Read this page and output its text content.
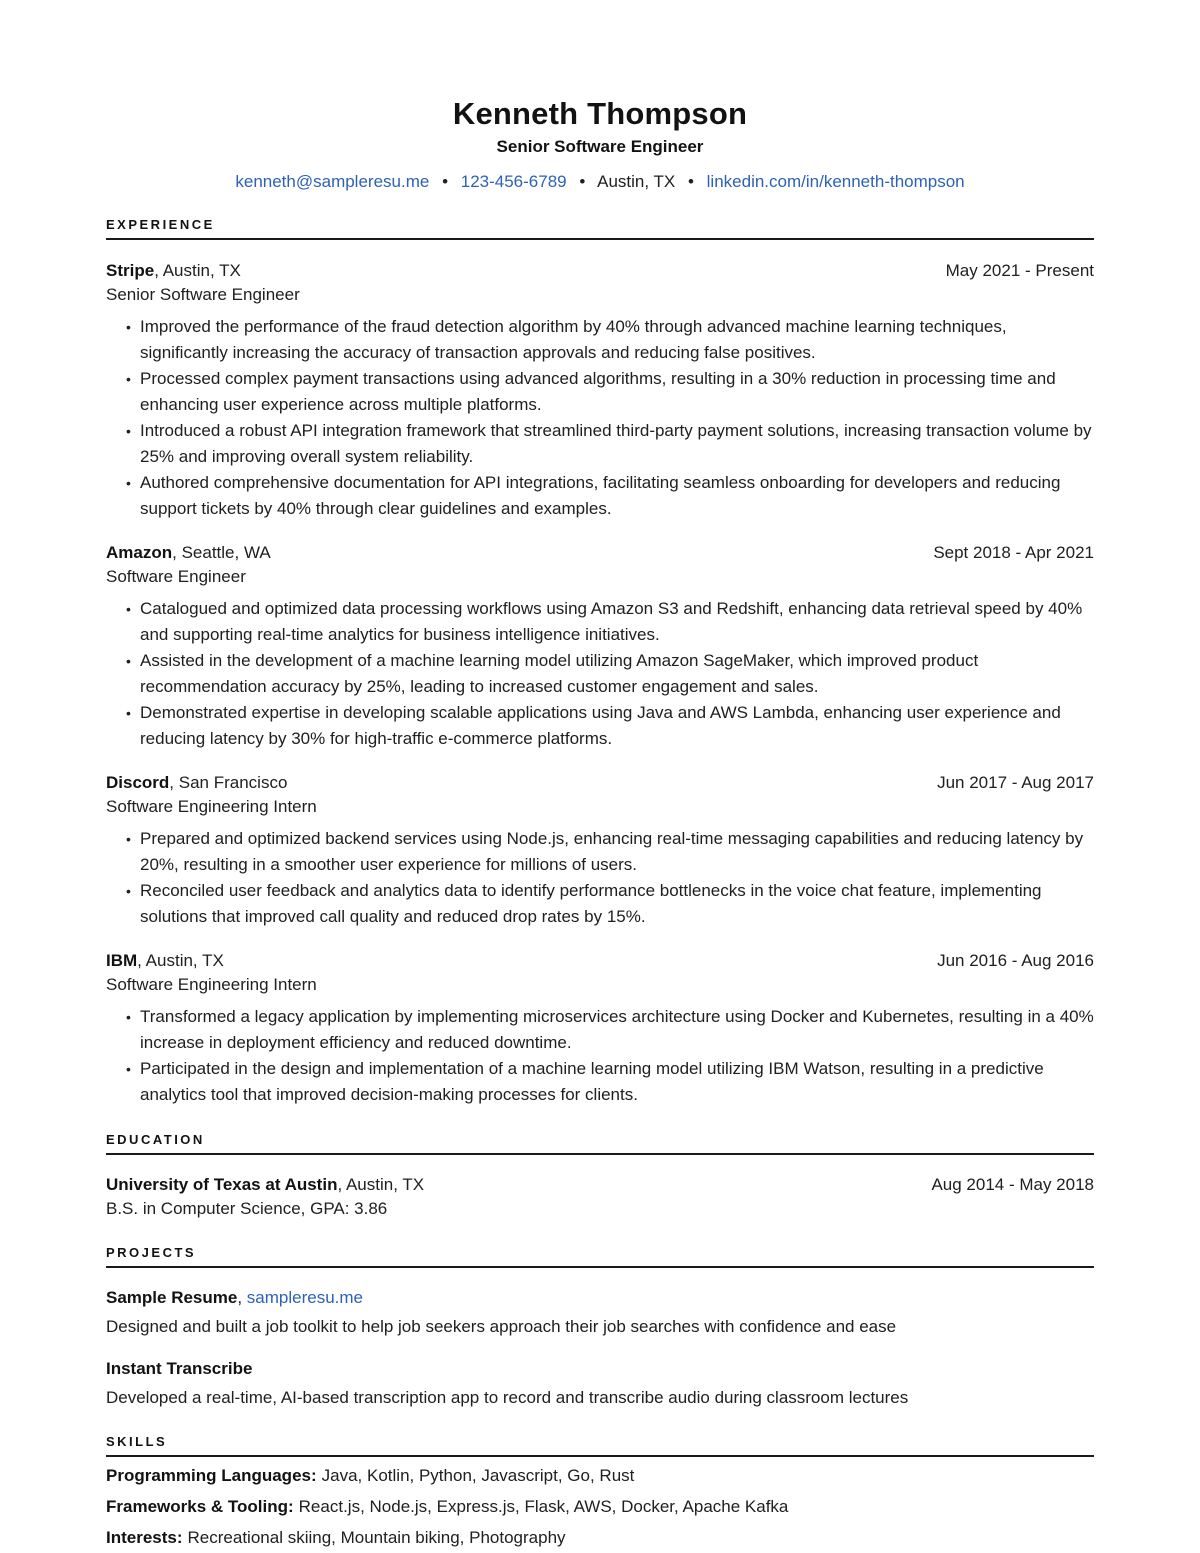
Kenneth Thompson
Senior Software Engineer
kenneth@sampleresu.me • 123-456-6789 • Austin, TX • linkedin.com/in/kenneth-thompson
EXPERIENCE
Stripe, Austin, TX	May 2021 - Present
Senior Software Engineer
• Improved the performance of the fraud detection algorithm by 40% through advanced machine learning techniques, significantly increasing the accuracy of transaction approvals and reducing false positives.
• Processed complex payment transactions using advanced algorithms, resulting in a 30% reduction in processing time and enhancing user experience across multiple platforms.
• Introduced a robust API integration framework that streamlined third-party payment solutions, increasing transaction volume by 25% and improving overall system reliability.
• Authored comprehensive documentation for API integrations, facilitating seamless onboarding for developers and reducing support tickets by 40% through clear guidelines and examples.
Amazon, Seattle, WA	Sept 2018 - Apr 2021
Software Engineer
• Catalogued and optimized data processing workflows using Amazon S3 and Redshift, enhancing data retrieval speed by 40% and supporting real-time analytics for business intelligence initiatives.
• Assisted in the development of a machine learning model utilizing Amazon SageMaker, which improved product recommendation accuracy by 25%, leading to increased customer engagement and sales.
• Demonstrated expertise in developing scalable applications using Java and AWS Lambda, enhancing user experience and reducing latency by 30% for high-traffic e-commerce platforms.
Discord, San Francisco	Jun 2017 - Aug 2017
Software Engineering Intern
• Prepared and optimized backend services using Node.js, enhancing real-time messaging capabilities and reducing latency by 20%, resulting in a smoother user experience for millions of users.
• Reconciled user feedback and analytics data to identify performance bottlenecks in the voice chat feature, implementing solutions that improved call quality and reduced drop rates by 15%.
IBM, Austin, TX	Jun 2016 - Aug 2016
Software Engineering Intern
• Transformed a legacy application by implementing microservices architecture using Docker and Kubernetes, resulting in a 40% increase in deployment efficiency and reduced downtime.
• Participated in the design and implementation of a machine learning model utilizing IBM Watson, resulting in a predictive analytics tool that improved decision-making processes for clients.
EDUCATION
University of Texas at Austin, Austin, TX	Aug 2014 - May 2018
B.S. in Computer Science, GPA: 3.86
PROJECTS
Sample Resume, sampleresu.me
Designed and built a job toolkit to help job seekers approach their job searches with confidence and ease
Instant Transcribe
Developed a real-time, AI-based transcription app to record and transcribe audio during classroom lectures
SKILLS
Programming Languages: Java, Kotlin, Python, Javascript, Go, Rust
Frameworks & Tooling: React.js, Node.js, Express.js, Flask, AWS, Docker, Apache Kafka
Interests: Recreational skiing, Mountain biking, Photography
